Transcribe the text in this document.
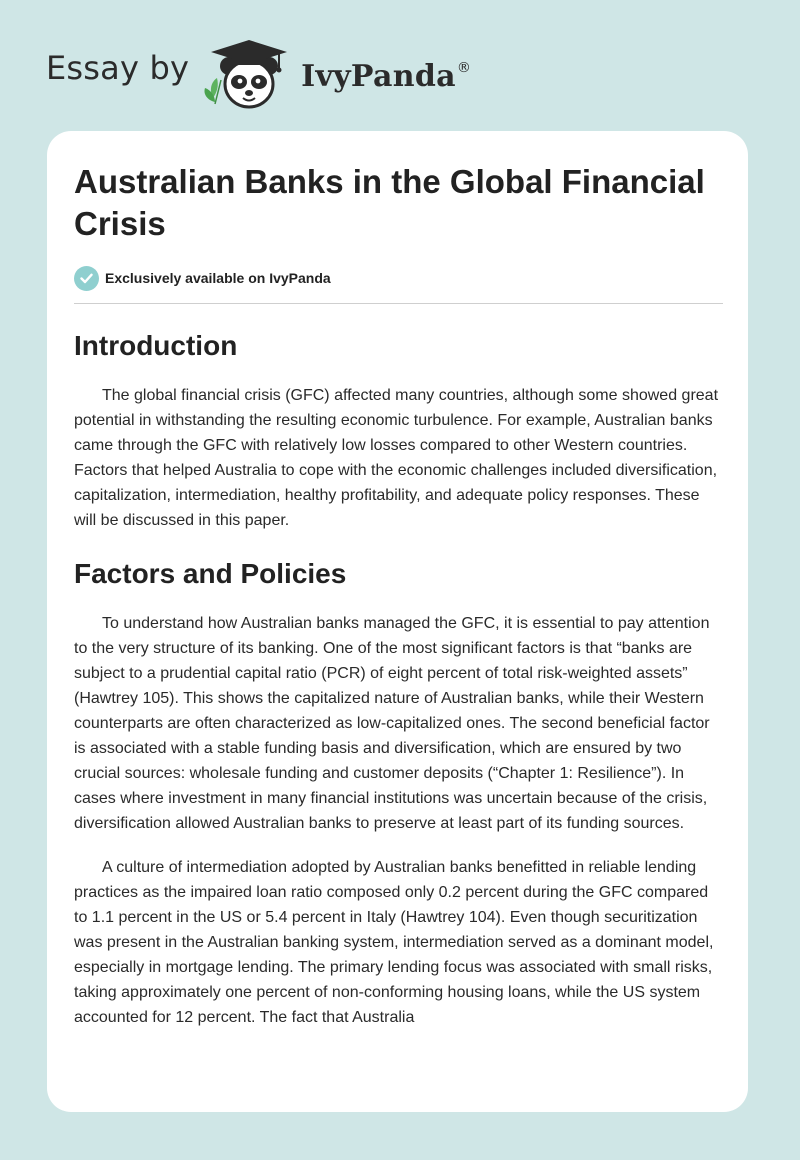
Essay by	IvyPanda ®
Australian Banks in the Global Financial Crisis
Exclusively available on IvyPanda
Introduction

The global financial crisis (GFC) affected many countries, although some showed great potential in withstanding the resulting economic turbulence. For example, Australian banks came through the GFC with relatively low losses compared to other Western countries. Factors that helped Australia to cope with the economic challenges included diversification, capitalization, intermediation, healthy profitability, and adequate policy responses. These will be discussed in this paper.

Factors and Policies

To understand how Australian banks managed the GFC, it is essential to pay attention to the very structure of its banking. One of the most significant factors is that “banks are subject to a prudential capital ratio (PCR) of eight percent of total risk-weighted assets” (Hawtrey 105). This shows the capitalized nature of Australian banks, while their Western counterparts are often characterized as low-capitalized ones. The second beneficial factor is associated with a stable funding basis and diversification, which are ensured by two crucial sources: wholesale funding and customer deposits (“Chapter 1: Resilience”). In cases where investment in many financial institutions was uncertain because of the crisis, diversification allowed Australian banks to preserve at least part of its funding sources.

A culture of intermediation adopted by Australian banks benefitted in reliable lending practices as the impaired loan ratio composed only 0.2 percent during the GFC compared to 1.1 percent in the US or 5.4 percent in Italy (Hawtrey 104). Even though securitization was present in the Australian banking system, intermediation served as a dominant model, especially in mortgage lending. The primary lending focus was associated with small risks, taking approximately one percent of non-conforming housing loans, while the US system accounted for 12 percent. The fact that Australia
